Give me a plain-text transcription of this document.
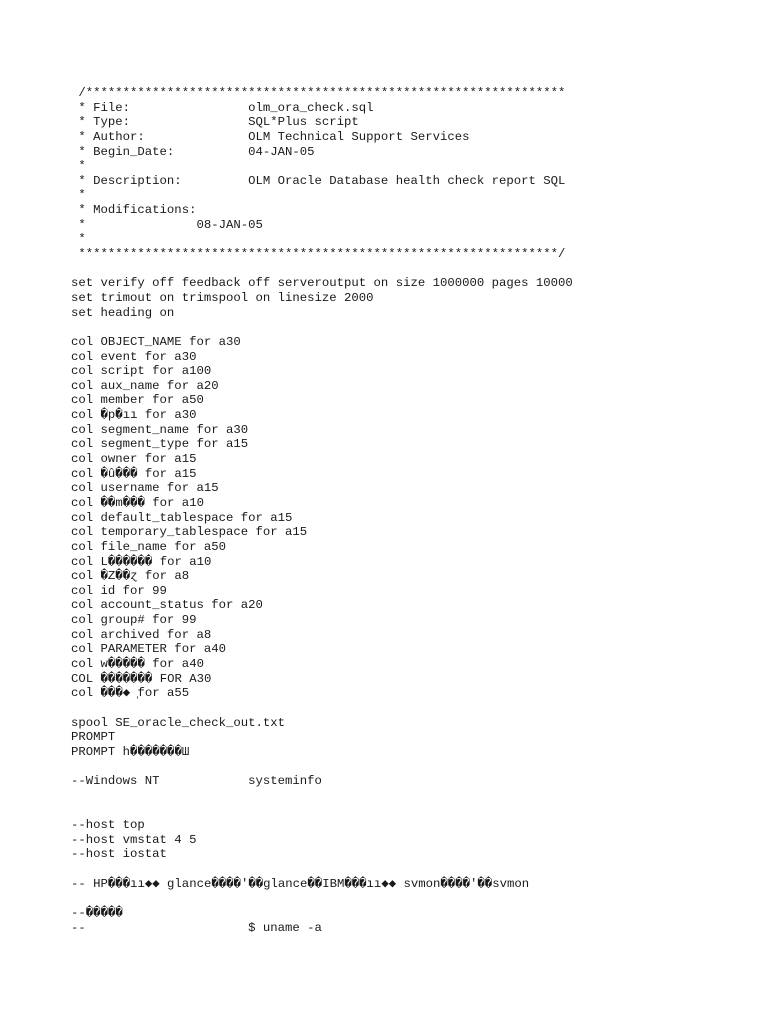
/*****************************************************************
* File:                olm_ora_check.sql
* Type:                SQL*Plus script
* Author:              OLM Technical Support Services
* Begin_Date:          04-JAN-05
*
* Description:         OLM Oracle Database health check report SQL
*
* Modifications:
*               08-JAN-05
*
*****************************************************************/
set verify off feedback off serveroutput on size 1000000 pages 10000
set trimout on trimspool on linesize 2000
set heading on
col OBJECT_NAME for a30
col event for a30
col script for a100
col aux_name for a20
col member for a50
col �р�ıı for a30
col segment_name for a30
col segment_type for a15
col owner for a15
col �û��� for a15
col username for a15
col ��m��� for a10
col default_tablespace for a15
col temporary_tablespace for a15
col file_name for a50
col L������ for a10
col �Ζ��ɀ for a8
col id for 99
col account_status for a20
col group# for 99
col archived for a8
col PARAMETER for a40
col w����� for a40
COL ������� FOR A30
col ���◆ ̩for a55
spool SE_oracle_check_out.txt
PROMPT
PROMPT h�������Ш
--Windows NT            systeminfo
--host top
--host vmstat 4 5
--host iostat
-- HP���ıı◆◆ glance����'��glance��IBM���ıı◆◆ svmon����'��svmon
--�����
--                      $ uname -a
